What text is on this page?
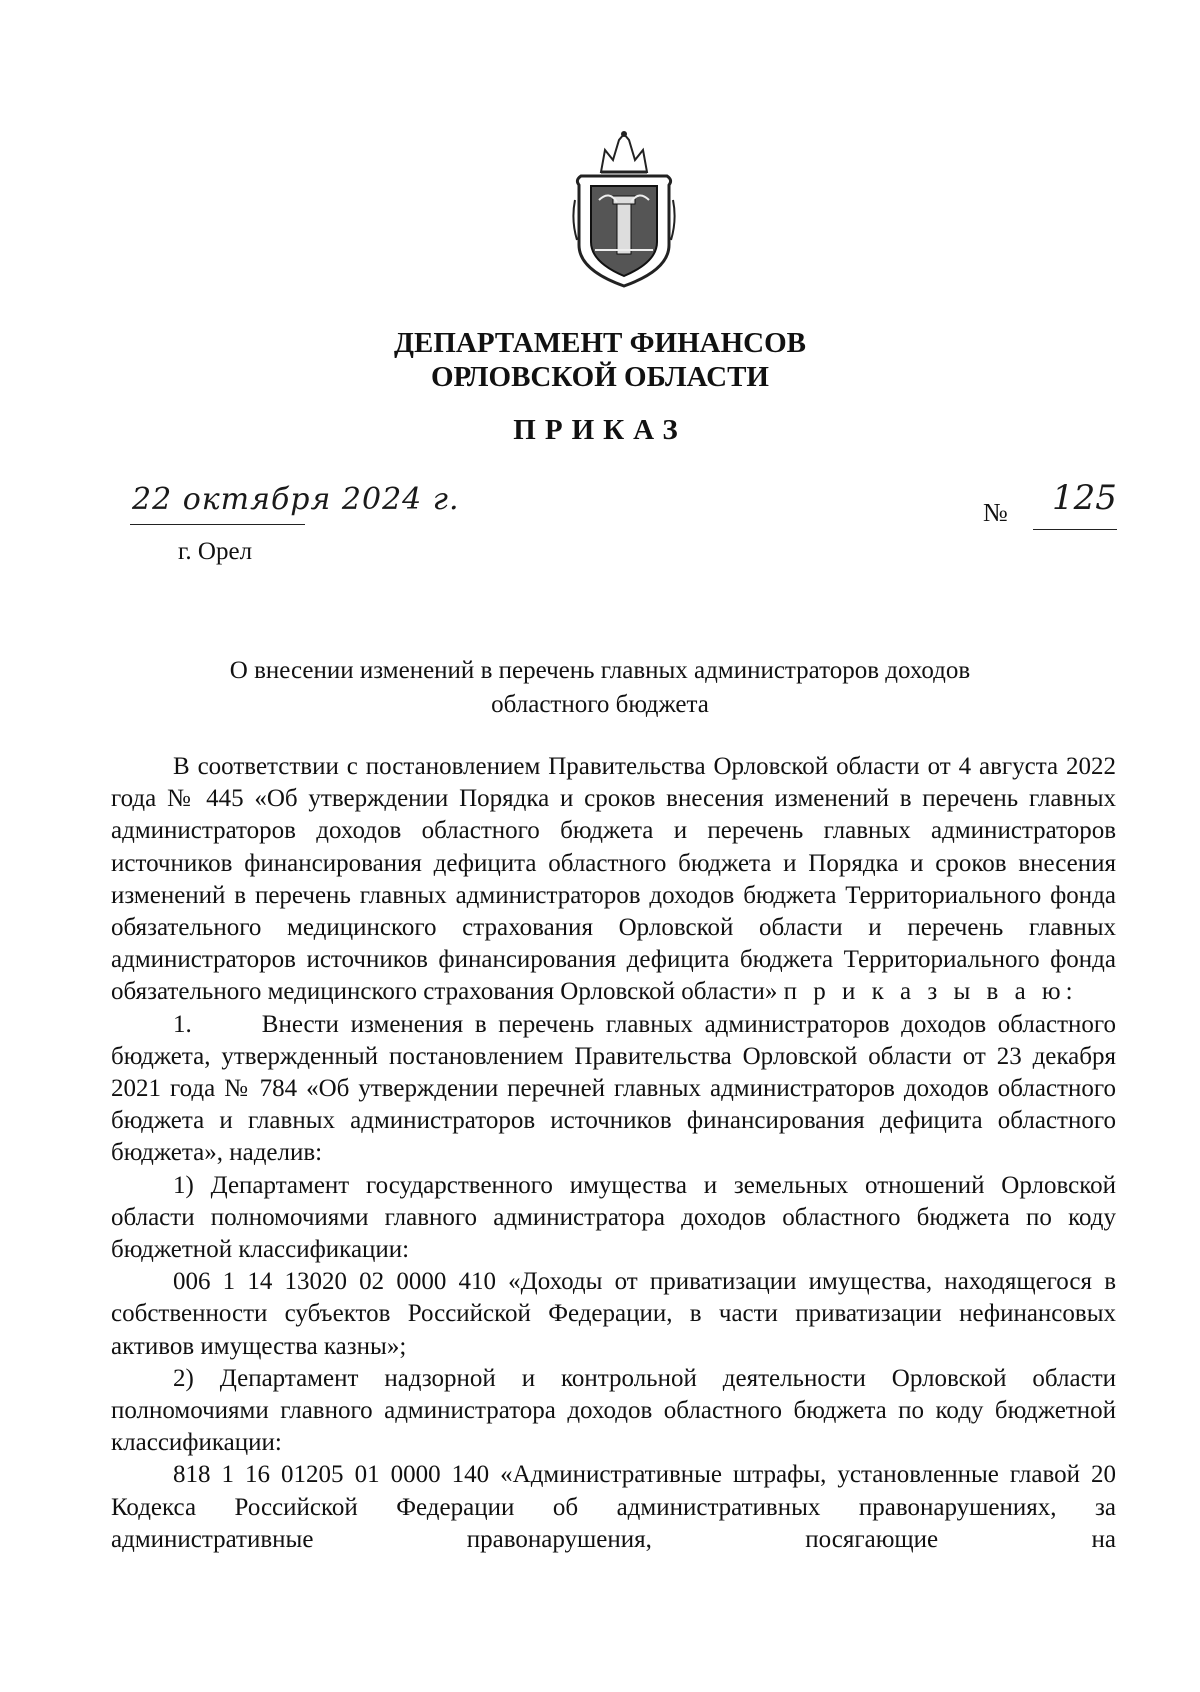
ДЕПАРТАМЕНТ ФИНАНСОВ
ОРЛОВСКОЙ ОБЛАСТИ
ПРИКАЗ
22 октября 2024 г.
г. Орел
№ 125
О внесении изменений в перечень главных администраторов доходов
областного бюджета

В соответствии с постановлением Правительства Орловской области от 4 августа 2022 года № 445 «Об утверждении Порядка и сроков внесения изменений в перечень главных администраторов доходов областного бюджета и перечень главных администраторов источников финансирования дефицита областного бюджета и Порядка и сроков внесения изменений в перечень главных администраторов доходов бюджета Территориального фонда обязательного медицинского страхования Орловской области и перечень главных администраторов источников финансирования дефицита бюджета Территориального фонда обязательного медицинского страхования Орловской области» п р и к а з ы в а ю:

1.	Внести изменения в перечень главных администраторов доходов областного бюджета, утвержденный постановлением Правительства Орловской области от 23 декабря 2021 года № 784 «Об утверждении перечней главных администраторов доходов областного бюджета и главных администраторов источников финансирования дефицита областного бюджета», наделив:

1) Департамент государственного имущества и земельных отношений Орловской области полномочиями главного администратора доходов областного бюджета по коду бюджетной классификации:

006 1 14 13020 02 0000 410 «Доходы от приватизации имущества, находящегося в собственности субъектов Российской Федерации, в части приватизации нефинансовых активов имущества казны»;

2) Департамент надзорной и контрольной деятельности Орловской области полномочиями главного администратора доходов областного бюджета по коду бюджетной классификации:

818 1 16 01205 01 0000 140 «Административные штрафы, установленные главой 20 Кодекса Российской Федерации об административных правонарушениях, за административные правонарушения, посягающие на
